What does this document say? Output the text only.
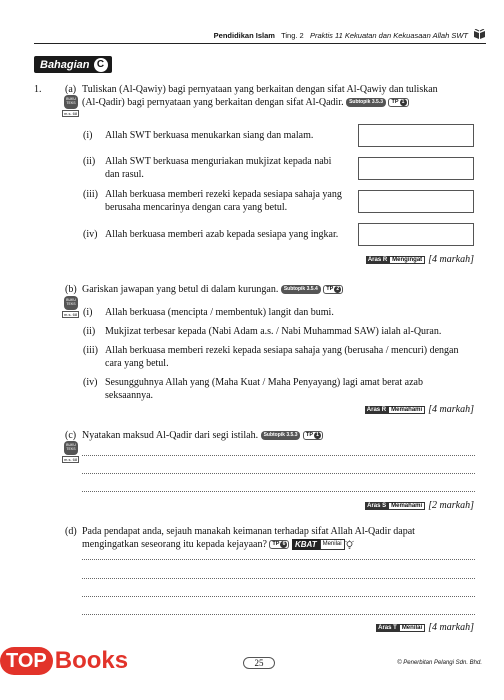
Pendidikan Islam Ting. 2 Praktis 11 Kekuatan dan Kekuasaan Allah SWT
Bahagian C
1. (a) Tuliskan (Al-Qawiy) bagi pernyataan yang berkaitan dengan sifat Al-Qawiy dan tuliskan
(Al-Qadir) bagi pernyataan yang berkaitan dengan sifat Al-Qadir. Subtopik 3.5.3 TP 1
BUKU
TEKS
m.s. 68
(i) Allah SWT berkuasa menukarkan siang dan malam.
(ii) Allah SWT berkuasa menguriakan mukjizat kepada nabi
dan rasul.
(iii) Allah berkuasa memberi rezeki kepada sesiapa sahaja yang
berusaha mencarinya dengan cara yang betul.
(iv) Allah berkuasa memberi azab kepada sesiapa yang ingkar.
Aras R Mengingat [4 markah]
(b) Gariskan jawapan yang betul di dalam kurungan. Subtopik 3.5.4 TP 2
BUKU
TEKS
m.s. 68 (i) Allah berkuasa (mencipta / membentuk) langit dan bumi.
(ii) Mukjizat terbesar kepada (Nabi Adam a.s. / Nabi Muhammad SAW) ialah al-Quran.
(iii) Allah berkuasa memberi rezeki kepada sesiapa sahaja yang (berusaha / mencuri) dengan
cara yang betul.
(iv) Sesungguhnya Allah yang (Maha Kuat / Maha Penyayang) lagi amat berat azab
seksaannya.
Aras R Memahami [4 markah]
(c) Nyatakan maksud Al-Qadir dari segi istilah. Subtopik 3.5.3 TP 1
BUKU
TEKS
m.s. 68
Aras S Memahami [2 markah]
(d) Pada pendapat anda, sejauh manakah keimanan terhadap sifat Allah Al-Qadir dapat
mengingatkan seseorang itu kepada kejayaan? TP 6
	KBAT	Menilai
Aras T Menilai [4 markah]
TOP Books	25	© Penerbitan Pelangi Sdn. Bhd.
